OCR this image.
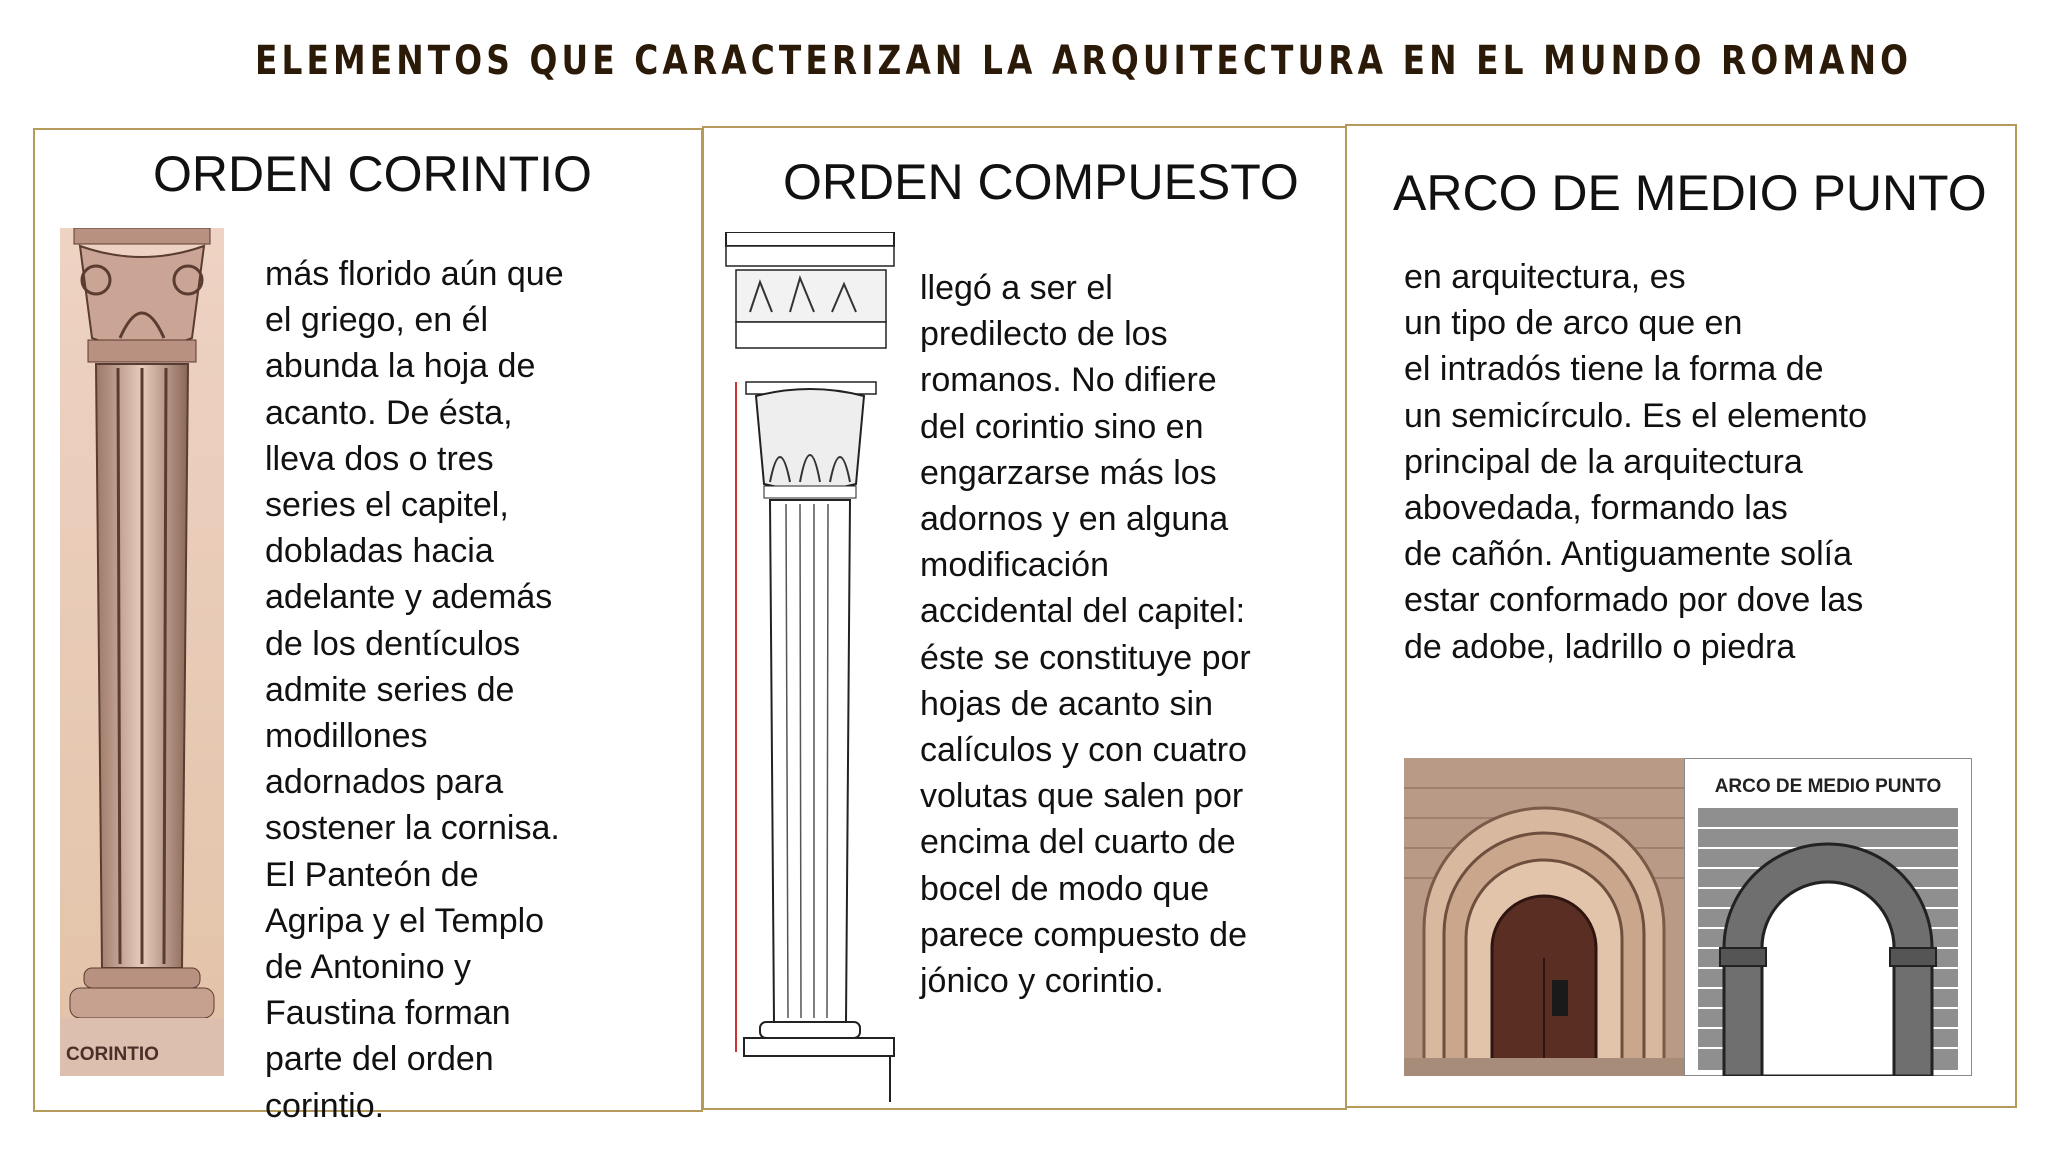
ELEMENTOS QUE CARACTERIZAN LA ARQUITECTURA EN EL MUNDO ROMANO
ORDEN CORINTIO
CORINTIO
más florido aún que
el griego, en él
abunda la hoja de
acanto. De ésta,
lleva dos o tres
series el capitel,
dobladas hacia
adelante y además
de los dentículos
admite series de
modillones
adornados para
sostener la cornisa.
El Panteón de
Agripa y el Templo
de Antonino y
Faustina forman
parte del orden
corintio.
ORDEN COMPUESTO
llegó a ser el
predilecto de los
romanos. No difiere
del corintio sino en
engarzarse más los
adornos y en alguna
modificación
accidental del capitel:
éste se constituye por
hojas de acanto sin
calículos y con cuatro
volutas que salen por
encima del cuarto de
bocel de modo que
parece compuesto de
jónico y corintio.
ARCO DE MEDIO PUNTO
en arquitectura, es
un tipo de arco que en
el intradós tiene la forma de
un semicírculo. Es el elemento
principal de la arquitectura
abovedada, formando las
de cañón. Antiguamente solía
estar conformado por dove las
de adobe, ladrillo o piedra
ARCO DE MEDIO PUNTO
